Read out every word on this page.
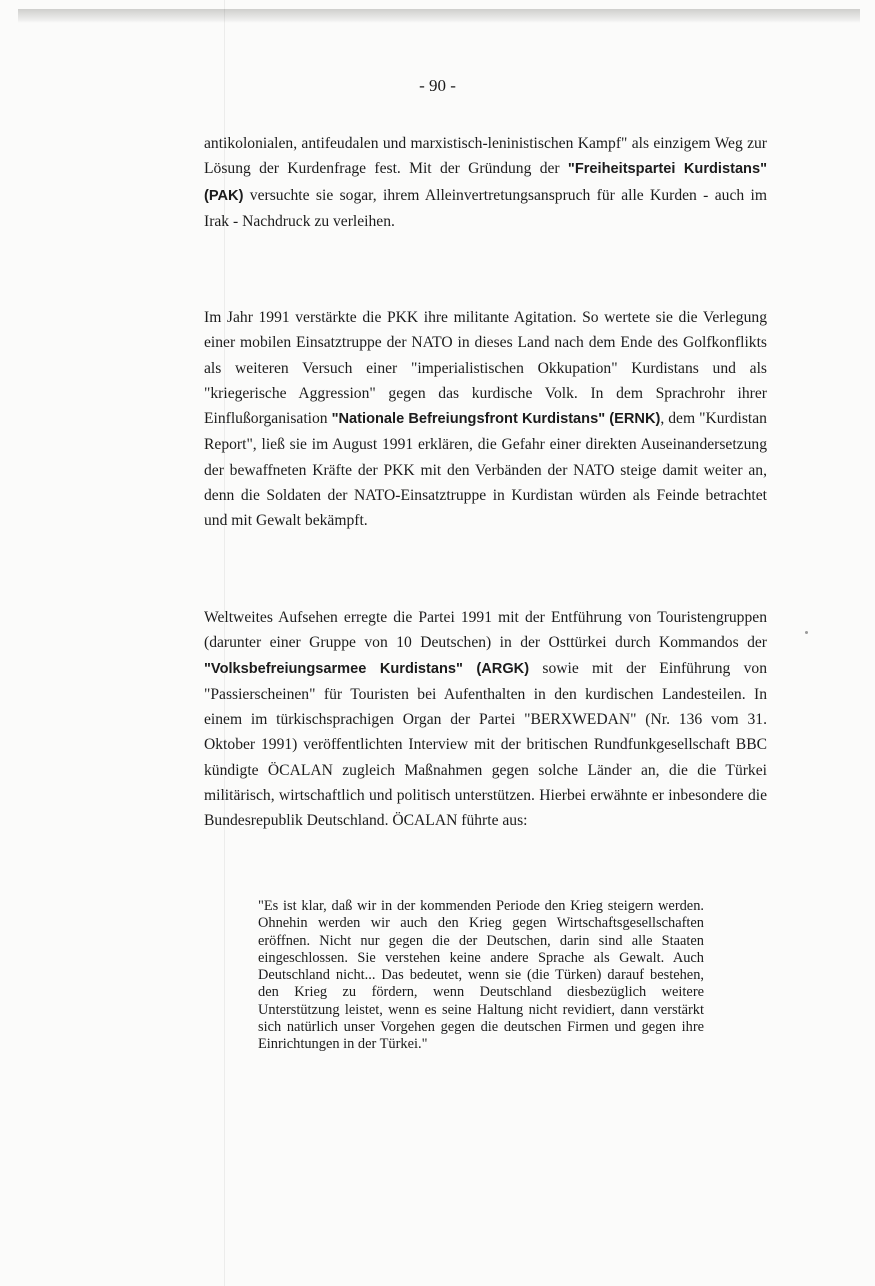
- 90 -

antikolonialen, antifeudalen und marxistisch-leninistischen Kampf" als einzigem Weg zur Lösung der Kurdenfrage fest. Mit der Gründung der "Freiheitspartei Kurdistans" (PAK) versuchte sie sogar, ihrem Alleinvertretungsanspruch für alle Kurden - auch im Irak - Nachdruck zu verleihen.

Im Jahr 1991 verstärkte die PKK ihre militante Agitation. So wertete sie die Verlegung einer mobilen Einsatztruppe der NATO in dieses Land nach dem Ende des Golfkonflikts als weiteren Versuch einer "imperialistischen Okkupation" Kurdistans und als "kriegerische Aggression" gegen das kurdische Volk. In dem Sprachrohr ihrer Einflußorganisation "Nationale Befreiungsfront Kurdistans" (ERNK), dem "Kurdistan Report", ließ sie im August 1991 erklären, die Gefahr einer direkten Auseinandersetzung der bewaffneten Kräfte der PKK mit den Verbänden der NATO steige damit weiter an, denn die Soldaten der NATO-Einsatztruppe in Kurdistan würden als Feinde betrachtet und mit Gewalt bekämpft.

Weltweites Aufsehen erregte die Partei 1991 mit der Entführung von Touristengruppen (darunter einer Gruppe von 10 Deutschen) in der Osttürkei durch Kommandos der "Volksbefreiungsarmee Kurdistans" (ARGK) sowie mit der Einführung von "Passierscheinen" für Touristen bei Aufenthalten in den kurdischen Landesteilen. In einem im türkischsprachigen Organ der Partei "BERXWEDAN" (Nr. 136 vom 31. Oktober 1991) veröffentlichten Interview mit der britischen Rundfunkgesellschaft BBC kündigte ÖCALAN zugleich Maßnahmen gegen solche Länder an, die die Türkei militärisch, wirtschaftlich und politisch unterstützen. Hierbei erwähnte er inbesondere die Bundesrepublik Deutschland. ÖCALAN führte aus:

"Es ist klar, daß wir in der kommenden Periode den Krieg steigern werden. Ohnehin werden wir auch den Krieg gegen Wirtschaftsgesellschaften eröffnen. Nicht nur gegen die der Deutschen, darin sind alle Staaten eingeschlossen. Sie verstehen keine andere Sprache als Gewalt. Auch Deutschland nicht... Das bedeutet, wenn sie (die Türken) darauf bestehen, den Krieg zu fördern, wenn Deutschland diesbezüglich weitere Unterstützung leistet, wenn es seine Haltung nicht revidiert, dann verstärkt sich natürlich unser Vorgehen gegen die deutschen Firmen und gegen ihre Einrichtungen in der Türkei."
